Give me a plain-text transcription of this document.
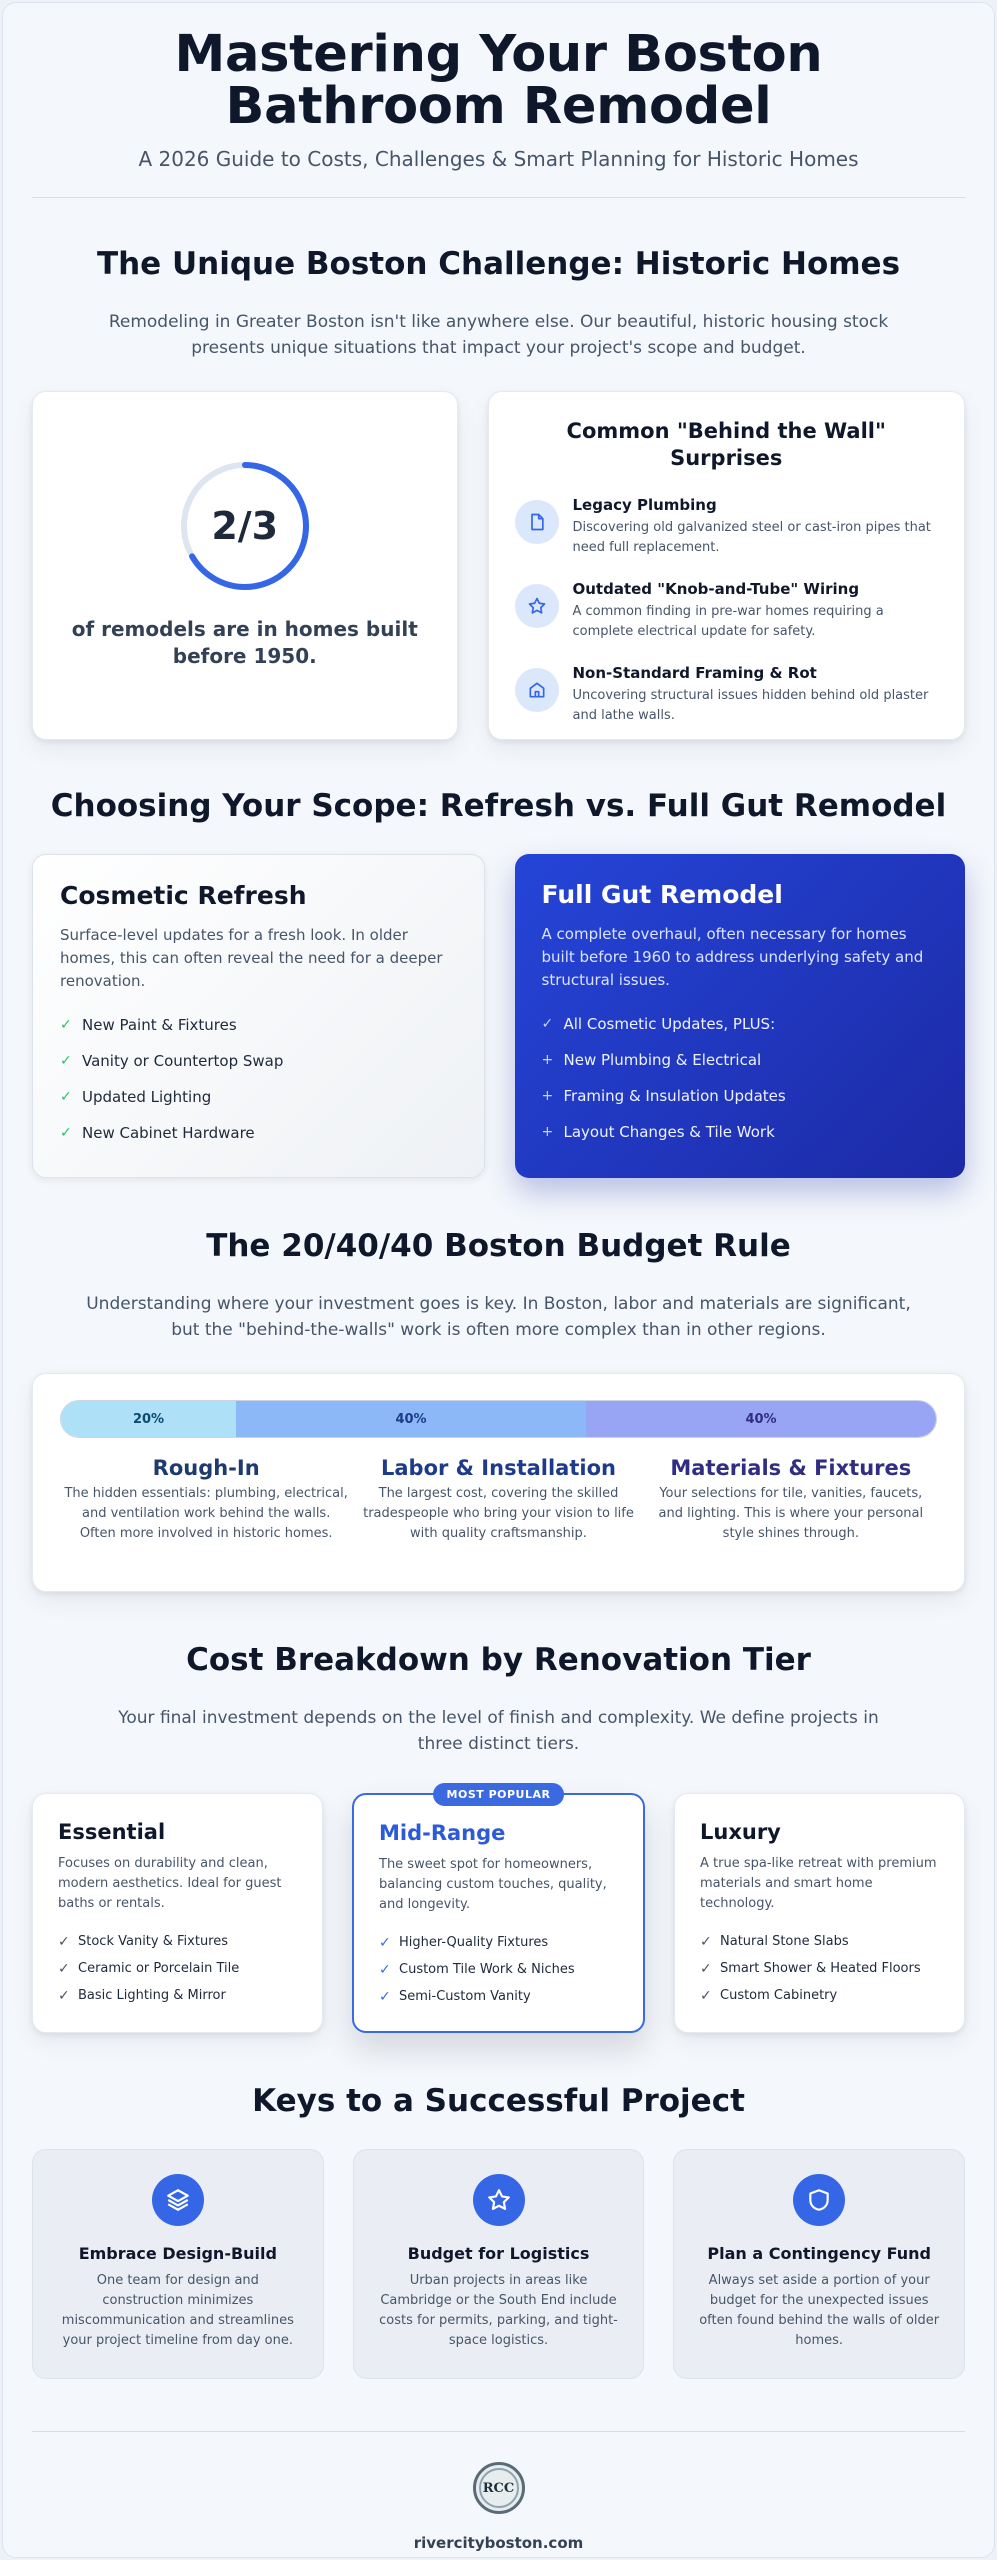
Mastering Your Boston Bathroom Remodel

A 2026 Guide to Costs, Challenges & Smart Planning for Historic Homes

The Unique Boston Challenge: Historic Homes

Remodeling in Greater Boston isn't like anywhere else. Our beautiful, historic housing stock presents unique situations that impact your project's scope and budget.

2/3
of remodels are in homes built before 1950.
Common "Behind the Wall" Surprises
Legacy Plumbing
Discovering old galvanized steel or cast-iron pipes that need full replacement.
Outdated "Knob-and-Tube" Wiring
A common finding in pre-war homes requiring a complete electrical update for safety.
Non-Standard Framing & Rot
Uncovering structural issues hidden behind old plaster and lathe walls.
Choosing Your Scope: Refresh vs. Full Gut Remodel
Cosmetic Refresh
Surface-level updates for a fresh look. In older homes, this can often reveal the need for a deeper renovation.
✓ New Paint & Fixtures
✓ Vanity or Countertop Swap
✓ Updated Lighting
✓ New Cabinet Hardware
Full Gut Remodel
A complete overhaul, often necessary for homes built before 1960 to address underlying safety and structural issues.
✓ All Cosmetic Updates, PLUS:
+ New Plumbing & Electrical
+ Framing & Insulation Updates
+ Layout Changes & Tile Work
The 20/40/40 Boston Budget Rule

Understanding where your investment goes is key. In Boston, labor and materials are significant, but the "behind-the-walls" work is often more complex than in other regions.

20%	40%	40%
Rough-In
The hidden essentials: plumbing, electrical, and ventilation work behind the walls. Often more involved in historic homes.
Labor & Installation
The largest cost, covering the skilled tradespeople who bring your vision to life with quality craftsmanship.
Materials & Fixtures
Your selections for tile, vanities, faucets, and lighting. This is where your personal style shines through.
Cost Breakdown by Renovation Tier

Your final investment depends on the level of finish and complexity. We define projects in three distinct tiers.

Essential
Focuses on durability and clean, modern aesthetics. Ideal for guest baths or rentals.
✓ Stock Vanity & Fixtures
✓ Ceramic or Porcelain Tile
✓ Basic Lighting & Mirror
MOST POPULAR
Mid-Range
The sweet spot for homeowners, balancing custom touches, quality, and longevity.
✓ Higher-Quality Fixtures
✓ Custom Tile Work & Niches
✓ Semi-Custom Vanity
Luxury
A true spa-like retreat with premium materials and smart home technology.
✓ Natural Stone Slabs
✓ Smart Shower & Heated Floors
✓ Custom Cabinetry
Keys to a Successful Project
Embrace Design-Build
One team for design and construction minimizes miscommunication and streamlines your project timeline from day one.
Budget for Logistics
Urban projects in areas like Cambridge or the South End include costs for permits, parking, and tight-space logistics.
Plan a Contingency Fund
Always set aside a portion of your budget for the unexpected issues often found behind the walls of older homes.
RCC
rivercityboston.com
